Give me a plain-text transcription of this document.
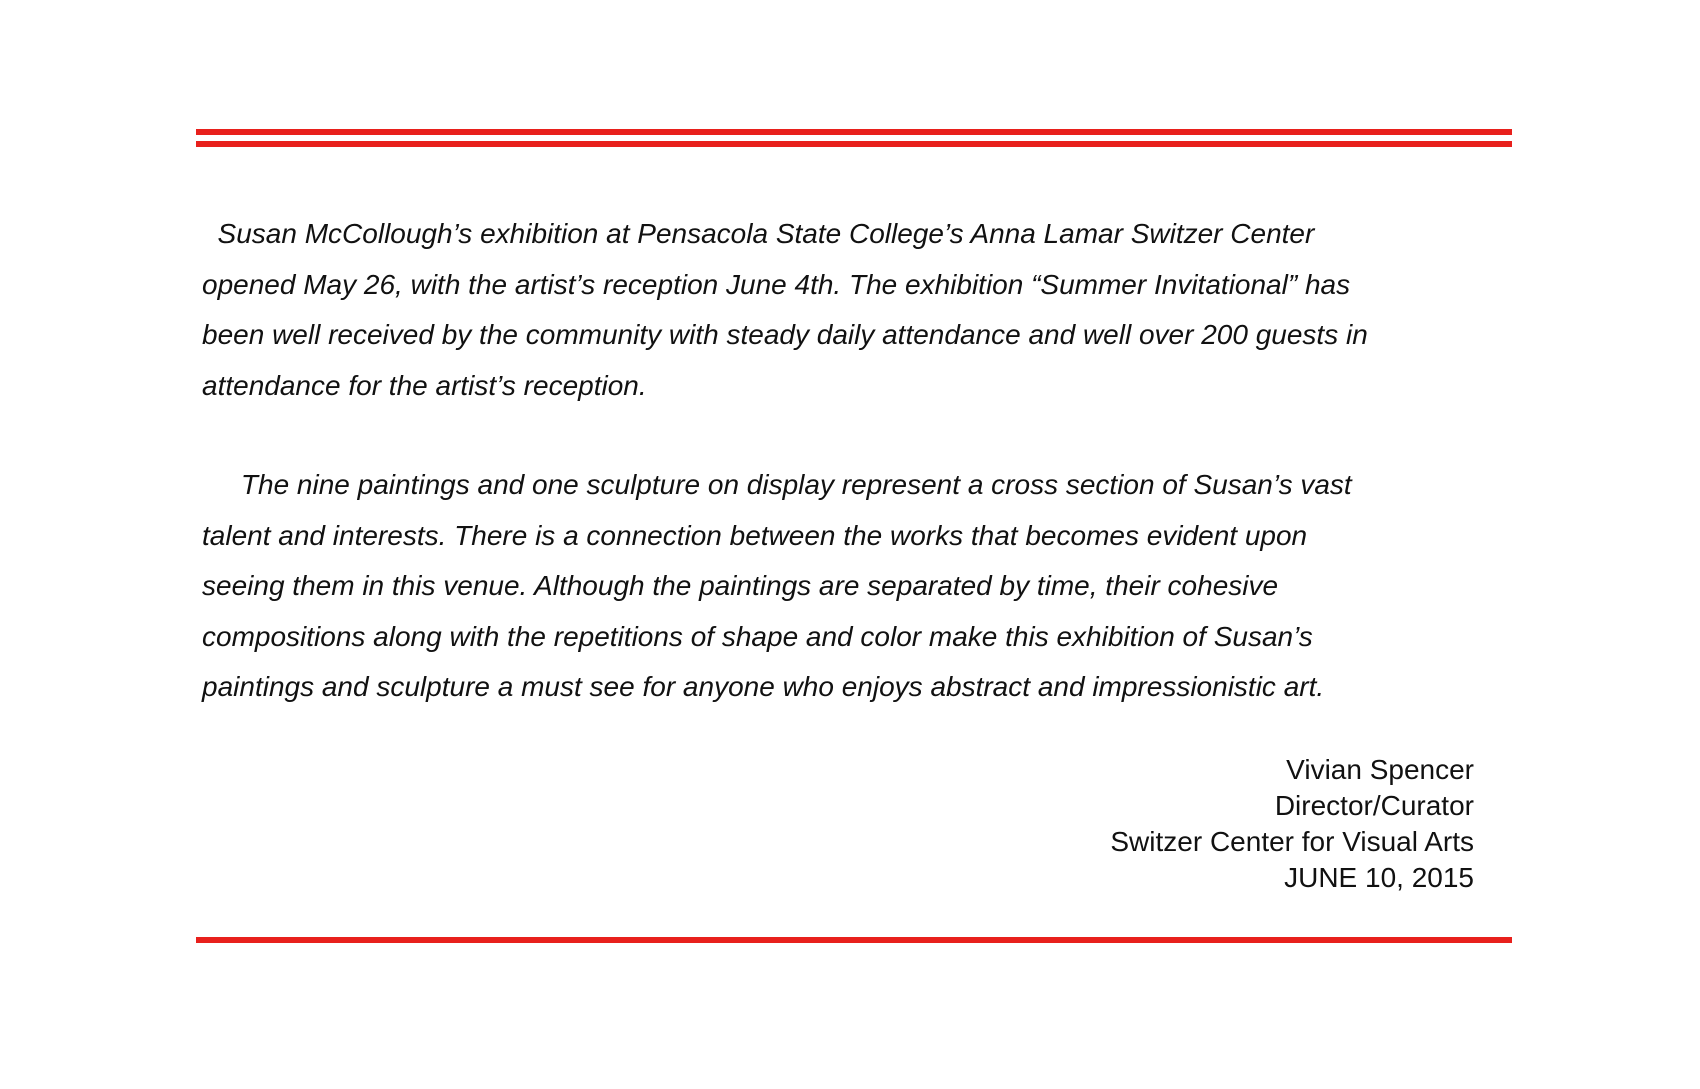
Susan McCollough’s exhibition at Pensacola State College’s Anna Lamar Switzer Center
opened May 26, with the artist’s reception June 4th. The exhibition “Summer Invitational” has
been well received by the community with steady daily attendance and well over 200 guests in
attendance for the artist’s reception.
The nine paintings and one sculpture on display represent a cross section of Susan’s vast
talent and interests. There is a connection between the works that becomes evident upon
seeing them in this venue. Although the paintings are separated by time, their cohesive
compositions along with the repetitions of shape and color make this exhibition of Susan’s
paintings and sculpture a must see for anyone who enjoys abstract and impressionistic art.
Vivian Spencer
Director/Curator
Switzer Center for Visual Arts
JUNE 10, 2015
